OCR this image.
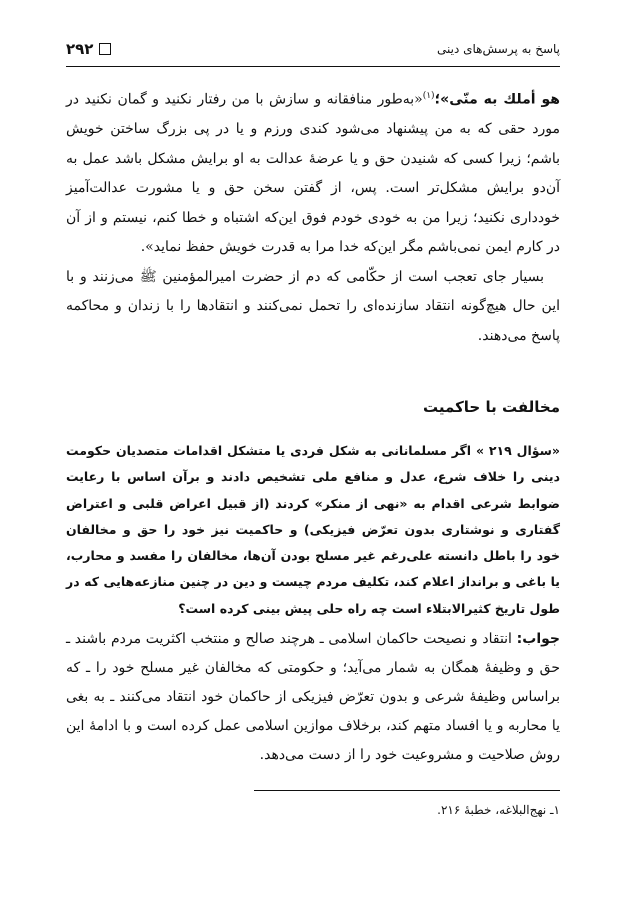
۲۹۲	پاسخ به پرسش‌های دینی

هو أملك به منّى»؛$^{(۱)}$«به‌طور منافقانه و سازش با من رفتار نکنید و گمان نکنید در مورد حقی که به من پیشنهاد می‌شود کندی ورزم و یا در پی بزرگ ساختن خویش باشم؛ زیرا کسی که شنیدن حق و یا عرضهٔ عدالت به او برایش مشکل باشد عمل به آن‌دو برایش مشکل‌تر است. پس، از گفتن سخن حق و یا مشورت عدالت‌آمیز خودداری نکنید؛ زیرا من به خودی خودم فوق این‌که اشتباه و خطا کنم، نیستم و از آن در کارم ایمن نمی‌باشم مگر این‌که خدا مرا به قدرت خویش حفظ نماید».

بسیار جای تعجب است از حکّامی که دم از حضرت امیرالمؤمنین ﷺ می‌زنند و با این حال هیچ‌گونه انتقاد سازنده‌ای را تحمل نمی‌کنند و انتقادها را با زندان و محاکمه پاسخ می‌دهند.

مخالفت با حاکمیت

«سؤال ۲۱۹ » اگر مسلمانانی به شکل فردی یا متشکل اقدامات متصدیان حکومت دینی را خلاف شرع، عدل و منافع ملی تشخیص دادند و برآن اساس با رعایت ضوابط شرعی اقدام به «نهی از منکر» کردند (از قبیل اعراض قلبی و اعتراض گفتاری و نوشتاری بدون تعرّض فیزیکی) و حاکمیت نیز خود را حق و مخالفان خود را باطل دانسته علی‌رغم غیر مسلح بودن آن‌ها، مخالفان را مفسد و محارب، یا باغی و برانداز اعلام کند، تکلیف مردم چیست و دین در چنین منازعه‌هایی که در طول تاریخ کثیرالابتلاء است چه راه حلی پیش بینی کرده است؟

جواب: انتقاد و نصیحت حاکمان اسلامی ـ هرچند صالح و منتخب اکثریت مردم باشند ـ حق و وظیفهٔ همگان به شمار می‌آید؛ و حکومتی که مخالفان غیر مسلح خود را ـ که براساس وظیفهٔ شرعی و بدون تعرّض فیزیکی از حاکمان خود انتقاد می‌کنند ـ به بغی یا محاربه و یا افساد متهم کند، برخلاف موازین اسلامی عمل کرده است و با ادامهٔ این روش صلاحیت و مشروعیت خود را از دست می‌دهد.

۱ـ نهج‌البلاغه، خطبهٔ ۲۱۶.
